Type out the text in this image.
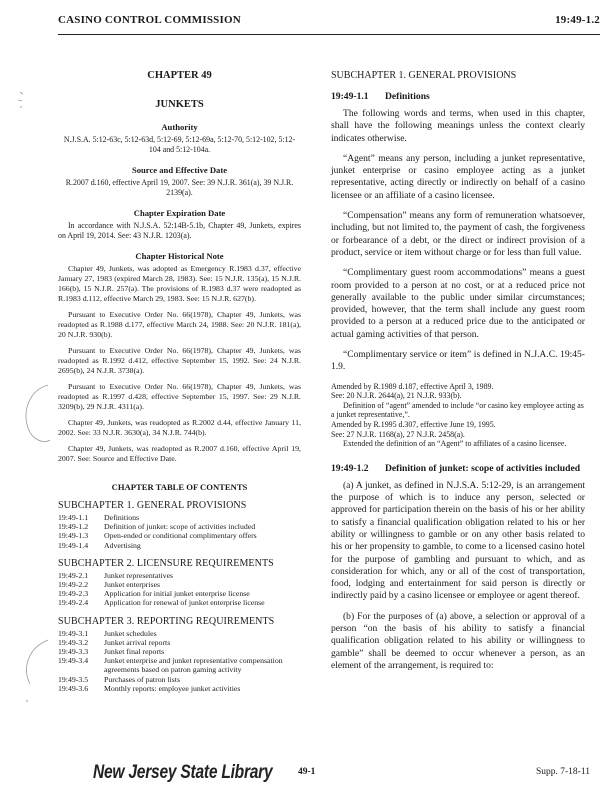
CASINO CONTROL COMMISSION	19:49-1.2
CHAPTER 49
JUNKETS
Authority

N.J.S.A. 5:12-63c, 5:12-63d, 5:12-69, 5:12-69a, 5:12-70, 5:12-102, 5:12-104 and 5:12-104a.

Source and Effective Date

R.2007 d.160, effective April 19, 2007. See: 39 N.J.R. 361(a), 39 N.J.R. 2139(a).

Chapter Expiration Date

In accordance with N.J.S.A. 52:14B-5.1b, Chapter 49, Junkets, expires on April 19, 2014. See: 43 N.J.R. 1203(a).

Chapter Historical Note

Chapter 49, Junkets, was adopted as Emergency R.1983 d.37, effective January 27, 1983 (expired March 28, 1983). See: 15 N.J.R. 135(a), 15 N.J.R. 166(b), 15 N.J.R. 257(a). The provisions of R.1983 d.37 were readopted as R.1983 d.112, effective March 29, 1983. See: 15 N.J.R. 627(b).

Pursuant to Executive Order No. 66(1978), Chapter 49, Junkets, was readopted as R.1988 d.177, effective March 24, 1988. See: 20 N.J.R. 181(a), 20 N.J.R. 930(b).

Pursuant to Executive Order No. 66(1978), Chapter 49, Junkets, was readopted as R.1992 d.412, effective September 15, 1992. See: 24 N.J.R. 2695(b), 24 N.J.R. 3738(a).

Pursuant to Executive Order No. 66(1978), Chapter 49, Junkets, was readopted as R.1997 d.428, effective September 15, 1997. See: 29 N.J.R. 3209(b), 29 N.J.R. 4311(a).

Chapter 49, Junkets, was readopted as R.2002 d.44, effective January 11, 2002. See: 33 N.J.R. 3630(a), 34 N.J.R. 744(b).

Chapter 49, Junkets, was readopted as R.2007 d.160, effective April 19, 2007. See: Source and Effective Date.

CHAPTER TABLE OF CONTENTS
SUBCHAPTER 1. GENERAL PROVISIONS
19:49-1.1	Definitions
19:49-1.2	Definition of junket: scope of activities included
19:49-1.3	Open-ended or conditional complimentary offers
19:49-1.4	Advertising
SUBCHAPTER 2. LICENSURE REQUIREMENTS
19:49-2.1	Junket representatives
19:49-2.2	Junket enterprises
19:49-2.3	Application for initial junket enterprise license
19:49-2.4	Application for renewal of junket enterprise license
SUBCHAPTER 3. REPORTING REQUIREMENTS
19:49-3.1	Junket schedules
19:49-3.2	Junket arrival reports
19:49-3.3	Junket final reports
19:49-3.4	Junket enterprise and junket representative compensation agreements based on patron gaming activity
19:49-3.5	Purchases of patron lists
19:49-3.6	Monthly reports: employee junket activities
SUBCHAPTER 1. GENERAL PROVISIONS
19:49-1.1	Definitions

The following words and terms, when used in this chapter, shall have the following meanings unless the context clearly indicates otherwise.

“Agent” means any person, including a junket representative, junket enterprise or casino employee acting as a junket representative, acting directly or indirectly on behalf of a casino licensee or an affiliate of a casino licensee.

“Compensation” means any form of remuneration whatsoever, including, but not limited to, the payment of cash, the forgiveness or forbearance of a debt, or the direct or indirect provision of a product, service or item without charge or for less than full value.

“Complimentary guest room accommodations” means a guest room provided to a person at no cost, or at a reduced price not generally available to the public under similar circumstances; provided, however, that the term shall include any guest room provided to a person at a reduced price due to the anticipated or actual gaming activities of that person.

“Complimentary service or item” is defined in N.J.A.C. 19:45-1.9.

Amended by R.1989 d.187, effective April 3, 1989.
See: 20 N.J.R. 2644(a), 21 N.J.R. 933(b).
Definition of “agent” amended to include “or casino key employee acting as a junket representative,”.
Amended by R.1995 d.307, effective June 19, 1995.
See: 27 N.J.R. 1168(a), 27 N.J.R. 2458(a).
Extended the definition of an “Agent” to affiliates of a casino licensee.
19:49-1.2	Definition of junket: scope of activities included

(a) A junket, as defined in N.J.S.A. 5:12-29, is an arrangement the purpose of which is to induce any person, selected or approved for participation therein on the basis of his or her ability to satisfy a financial qualification obligation related to his or her ability or willingness to gamble or on any other basis related to his or her propensity to gamble, to come to a licensed casino hotel for the purpose of gambling and pursuant to which, and as consideration for which, any or all of the cost of transportation, food, lodging and entertainment for said person is directly or indirectly paid by a casino licensee or employee or agent thereof.

(b) For the purposes of (a) above, a selection or approval of a person “on the basis of his ability to satisfy a financial qualification obligation related to his ability or willingness to gamble” shall be deemed to occur whenever a person, as an element of the arrangement, is required to:

New Jersey State Library	49-1	Supp. 7-18-11
